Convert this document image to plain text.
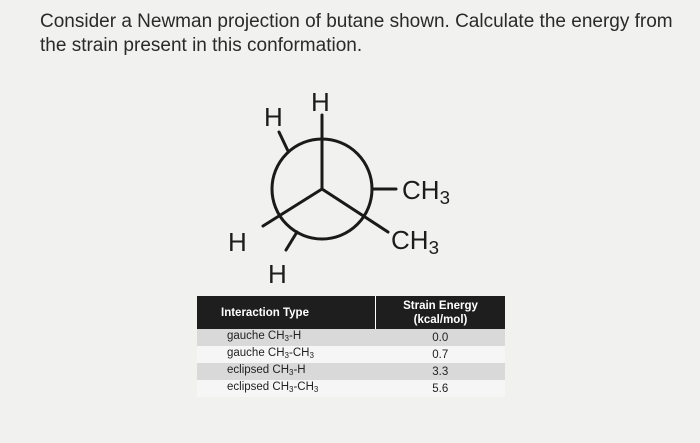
Consider a Newman projection of butane shown. Calculate the energy from the strain present in this conformation.
H H
H
H
$CH_3$
$CH_3$
Interaction Type	Strain Energy
(kcal/mol)

gauche CH3-H	0.0
gauche CH3-CH3	0.7
eclipsed CH3-H	3.3
eclipsed CH3-CH3	5.6
